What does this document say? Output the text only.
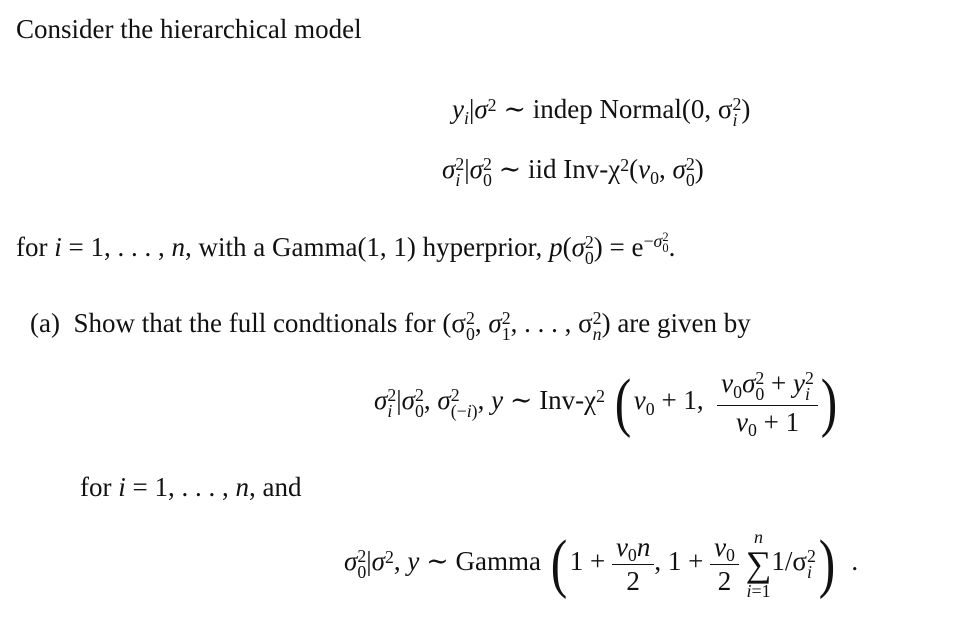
Consider the hierarchical model
$yi|\sigma^2$ ∼ indep Normal(0, σ 2
i )
σ 2
i |σ 2
0 ∼ iid Inv-$\chi^2(\nu 0$, σ 2
0 )
for i = 1, . . . , n, with a Gamma(1, 1) hyperprior, p(σ 2
0 ) = $e^{-\sigma 2 0}$ .
(a) Show that the full condtionals for (σ 2
0 , σ 2
1 , . . . , σ 2
n ) are given by
σ 2
i |σ 2
0 , σ 2
(−i) , y ∼ Inv-$\chi^2$ ( ν0 + 1, ν0σ 2
0 + y 2
i
ν0 + 1 )
for i = 1, . . . , n, and
σ 2
0 $|\sigma^2$, y ∼ Gamma ( $1 + \frac{\nu 0n}{2}$ , $1 + \frac{\nu 0}{2}$
n
∑
i=1
1/σ 2
i ) .
